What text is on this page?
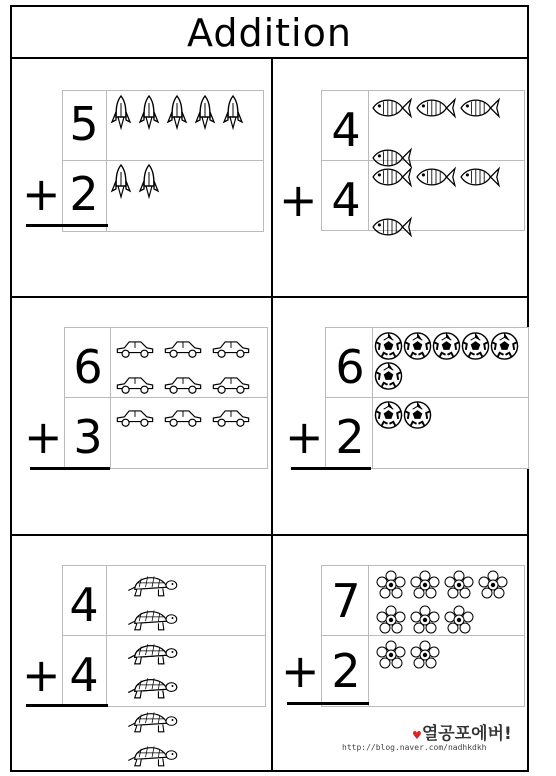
Addition
5
+ 2
4
+ 4
6
+ 3
6
+ 2
4
+ 4
7
+ 2
♥열공포에버!
http://blog.naver.com/nadhkdkh
